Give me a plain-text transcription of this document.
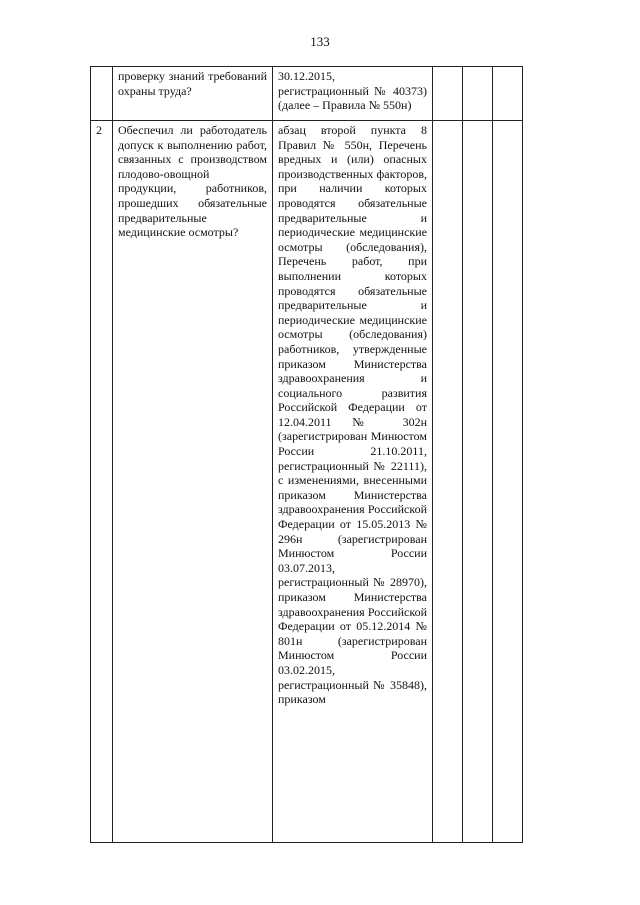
133
	проверку знаний требований охраны труда?	30.12.2015, регистрационный № 40373) (далее – Правила № 550н)			
2	Обеспечил ли работодатель допуск к выполнению работ, связанных с производством плодово-овощной продукции, работников, прошедших обязательные предварительные медицинские осмотры?	абзац второй пункта 8 Правил № 550н, Перечень вредных и (или) опасных производственных факторов, при наличии которых проводятся обязательные предварительные и периодические медицинские осмотры (обследования), Перечень работ, при выполнении которых проводятся обязательные предварительные и периодические медицинские осмотры (обследования) работников, утвержденные приказом Министерства здравоохранения и социального развития Российской Федерации от 12.04.2011 № 302н (зарегистрирован Минюстом России 21.10.2011, регистрационный № 22111), с изменениями, внесенными приказом Министерства здравоохранения Российской Федерации от 15.05.2013 № 296н (зарегистрирован Минюстом России 03.07.2013, регистрационный № 28970), приказом Министерства здравоохранения Российской Федерации от 05.12.2014 № 801н (зарегистрирован Минюстом России 03.02.2015, регистрационный № 35848), приказом			
